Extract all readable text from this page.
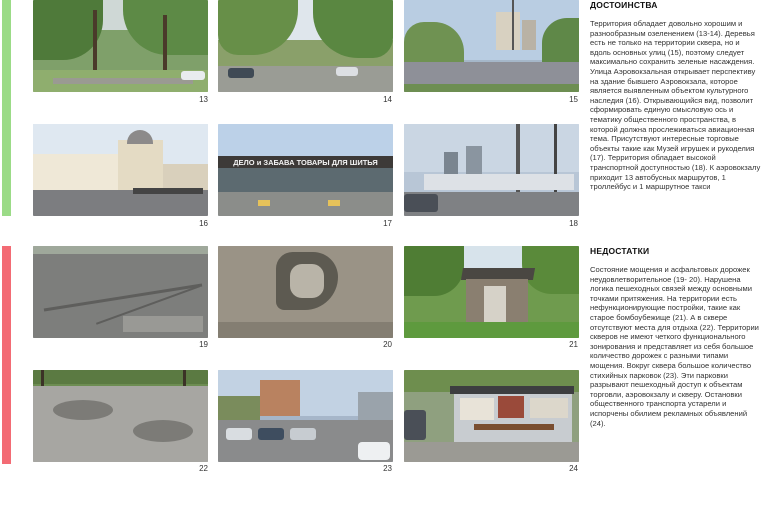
13	14	15
16
ДЕЛО и ЗАБАВА ТОВАРЫ ДЛЯ ШИТЬЯ
17	18
19	20	21
22	23	24
ДОСТОИНСТВА

Территория обладает довольно хорошим и разнообразным озеленением (13-14). Деревья есть не только на территории сквера, но и вдоль основных улиц (15), поэтому следует максимально сохранить зеленые насаждения. Улица Аэровокзальная открывает перспективу на здание бывшего Аэровокзала, которое является выявленным объектом культурного наследия (16). Открывающийся вид, позволит сформировать единую смысловую ось и тематику общественного пространства, в которой должна прослеживаться авиационная тема. Присутствуют интересные торговые объекты такие как Музей игрушек и рукоделия (17). Территория обладает высокой транспортной доступностью (18). К аэровокзалу приходит 13 автобусных маршрутов, 1 троллейбус и 1 маршрутное такси

НЕДОСТАТКИ

Состояние мощения и асфальтовых дорожек неудовлетворительное (19- 20). Нарушена логика пешеходных связей между основными точками притяжения. На территории есть нефункционирующие постройки, такие как старое бомбоубежище (21). А в сквере отсутствуют места для отдыха (22). Территории скверов не имеют четкого функционального зонирования и представляет из себя большое количество дорожек с разными типами мощения. Вокруг сквера большое количество стихийных парковок (23). Эти парковки разрывают пешеходный доступ к объектам торговли, аэровокзалу и скверу. Остановки общественного транспорта устарели и испорчены обилием рекламных объявлений (24).
